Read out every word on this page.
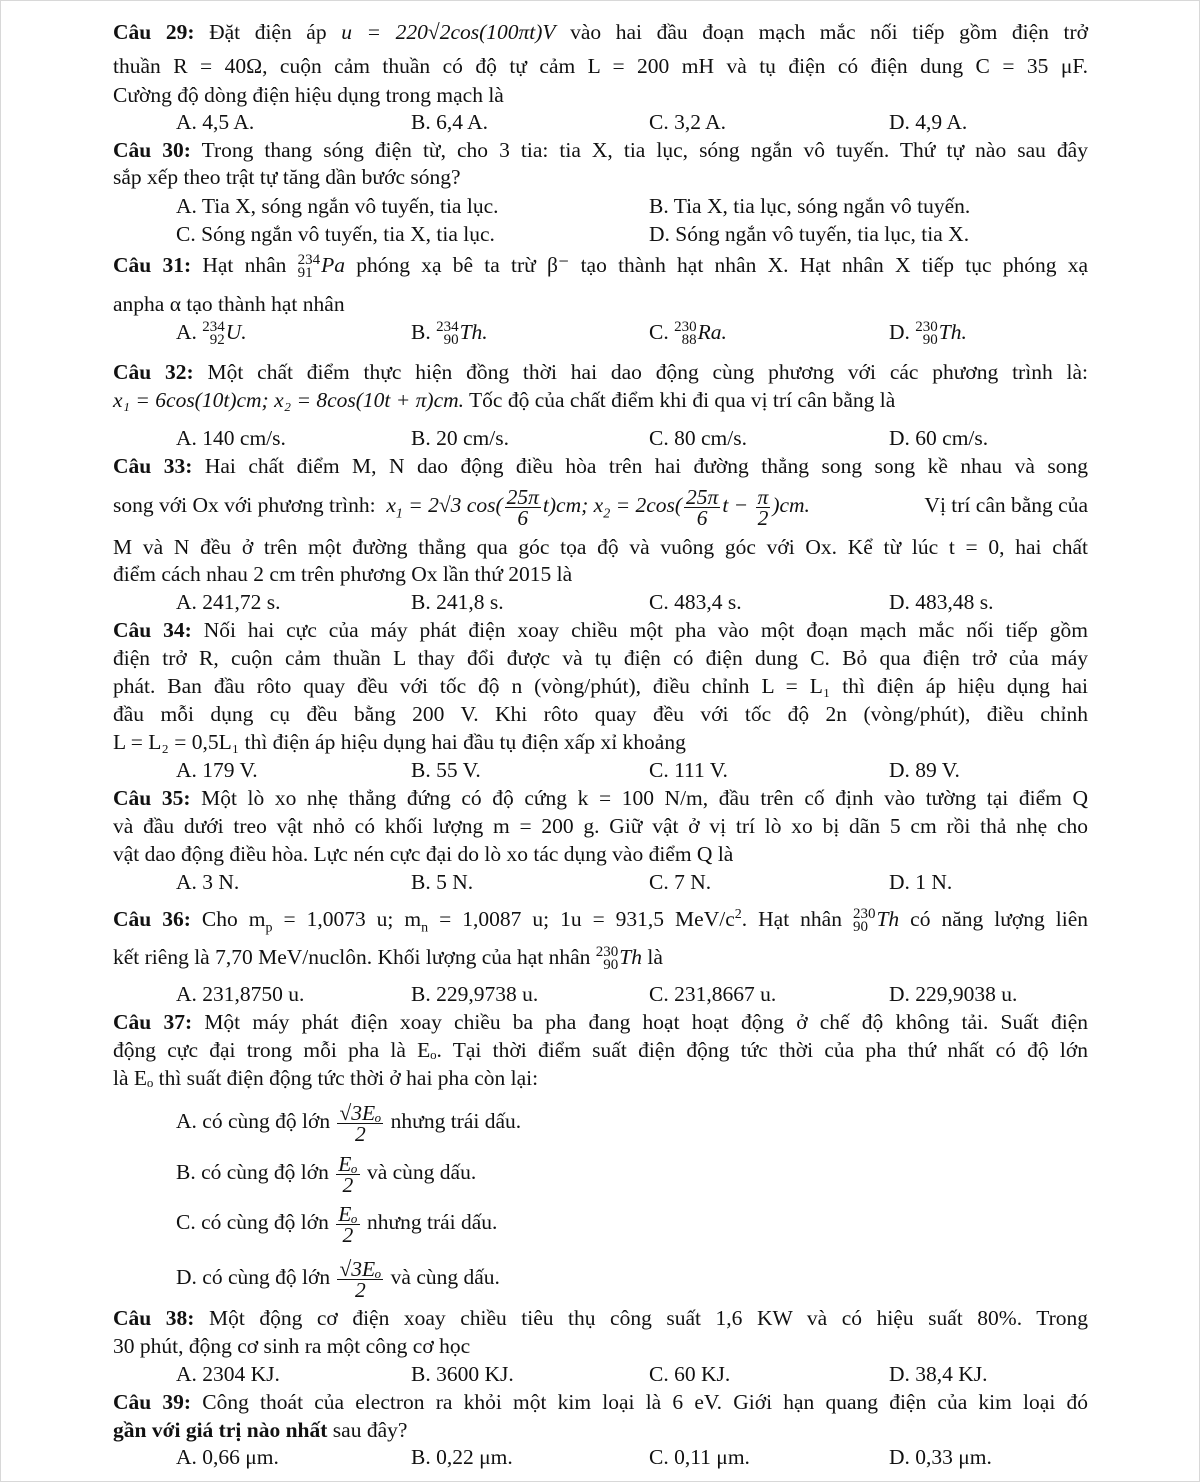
Câu 29: Đặt điện áp u = 220√2cos(100πt)V vào hai đầu đoạn mạch mắc nối tiếp gồm điện trở
thuần R = 40Ω, cuộn cảm thuần có độ tự cảm L = 200 mH và tụ điện có điện dung C = 35 μF.
Cường độ dòng điện hiệu dụng trong mạch là
A. 4,5 A.	B. 6,4 A.	C. 3,2 A.	D. 4,9 A.
Câu 30: Trong thang sóng điện từ, cho 3 tia: tia X, tia lục, sóng ngắn vô tuyến. Thứ tự nào sau đây
sắp xếp theo trật tự tăng dần bước sóng?
A. Tia X, sóng ngắn vô tuyến, tia lục.	B. Tia X, tia lục, sóng ngắn vô tuyến.
C. Sóng ngắn vô tuyến, tia X, tia lục.	D. Sóng ngắn vô tuyến, tia lục, tia X.
Câu 31: Hạt nhân 234
91 Pa phóng xạ bê ta trừ β⁻ tạo thành hạt nhân X. Hạt nhân X tiếp tục phóng xạ
anpha α tạo thành hạt nhân
A. 234
92U.	B. 234
90Th.	C. 230
88Ra.	D. 230
90Th.
Câu 32: Một chất điểm thực hiện đồng thời hai dao động cùng phương với các phương trình là:
x₁ = 6cos(10t)cm; x₂ = 8cos(10t + π)cm. Tốc độ của chất điểm khi đi qua vị trí cân bằng là
A. 140 cm/s.	B. 20 cm/s.	C. 80 cm/s.	D. 60 cm/s.
Câu 33: Hai chất điểm M, N dao động điều hòa trên hai đường thẳng song song kề nhau và song
song với Ox với phương trình: $x_1 = 2√3$ $\cos( \frac{25\pi}{6} t)cm$; $x_2 = 2\cos( \frac{25\pi}{6}$ $t - \frac{\pi}{2} )cm$.	Vị trí cân bằng của
M và N đều ở trên một đường thẳng qua góc tọa độ và vuông góc với Ox. Kể từ lúc t = 0, hai chất
điểm cách nhau 2 cm trên phương Ox lần thứ 2015 là
A. 241,72 s.	B. 241,8 s.	C. 483,4 s.	D. 483,48 s.
Câu 34: Nối hai cực của máy phát điện xoay chiều một pha vào một đoạn mạch mắc nối tiếp gồm
điện trở R, cuộn cảm thuần L thay đổi được và tụ điện có điện dung C. Bỏ qua điện trở của máy
phát. Ban đầu rôto quay đều với tốc độ n (vòng/phút), điều chỉnh L = L₁ thì điện áp hiệu dụng hai
đầu mỗi dụng cụ đều bằng 200 V. Khi rôto quay đều với tốc độ 2n (vòng/phút), điều chỉnh
L = L₂ = 0,5L₁ thì điện áp hiệu dụng hai đầu tụ điện xấp xỉ khoảng
A. 179 V.	B. 55 V.	C. 111 V.	D. 89 V.
Câu 35: Một lò xo nhẹ thẳng đứng có độ cứng k = 100 N/m, đầu trên cố định vào tường tại điểm Q
và đầu dưới treo vật nhỏ có khối lượng m = 200 g. Giữ vật ở vị trí lò xo bị dãn 5 cm rồi thả nhẹ cho
vật dao động điều hòa. Lực nén cực đại do lò xo tác dụng vào điểm Q là
A. 3 N.	B. 5 N.	C. 7 N.	D. 1 N.
Câu 36: Cho $m_p = 1,0073$ u; $m_n = 1,0087$ u; 1u = 931,5 MeV/$c^2$. Hạt nhân 230
90 Th có năng lượng liên
kết riêng là 7,70 MeV/nuclôn. Khối lượng của hạt nhân 230
90Th là
A. 231,8750 u.	B. 229,9738 u.	C. 231,8667 u.	D. 229,9038 u.
Câu 37: Một máy phát điện xoay chiều ba pha đang hoạt hoạt động ở chế độ không tải. Suất điện
động cực đại trong mỗi pha là Eₒ. Tại thời điểm suất điện động tức thời của pha thứ nhất có độ lớn
là Eₒ thì suất điện động tức thời ở hai pha còn lại:
A. có cùng độ lớn $\frac{\text{√3Eₒ}}{2}$ nhưng trái dấu.
B. có cùng độ lớn $\frac{\text{Eₒ}}{2}$ và cùng dấu.
C. có cùng độ lớn $\frac{\text{Eₒ}}{2}$ nhưng trái dấu.
D. có cùng độ lớn $\frac{\text{√3Eₒ}}{2}$ và cùng dấu.
Câu 38: Một động cơ điện xoay chiều tiêu thụ công suất 1,6 KW và có hiệu suất 80%. Trong
30 phút, động cơ sinh ra một công cơ học
A. 2304 KJ.	B. 3600 KJ.	C. 60 KJ.	D. 38,4 KJ.
Câu 39: Công thoát của electron ra khỏi một kim loại là 6 eV. Giới hạn quang điện của kim loại đó
gần với giá trị nào nhất sau đây?
A. 0,66 μm.	B. 0,22 μm.	C. 0,11 μm.	D. 0,33 μm.
